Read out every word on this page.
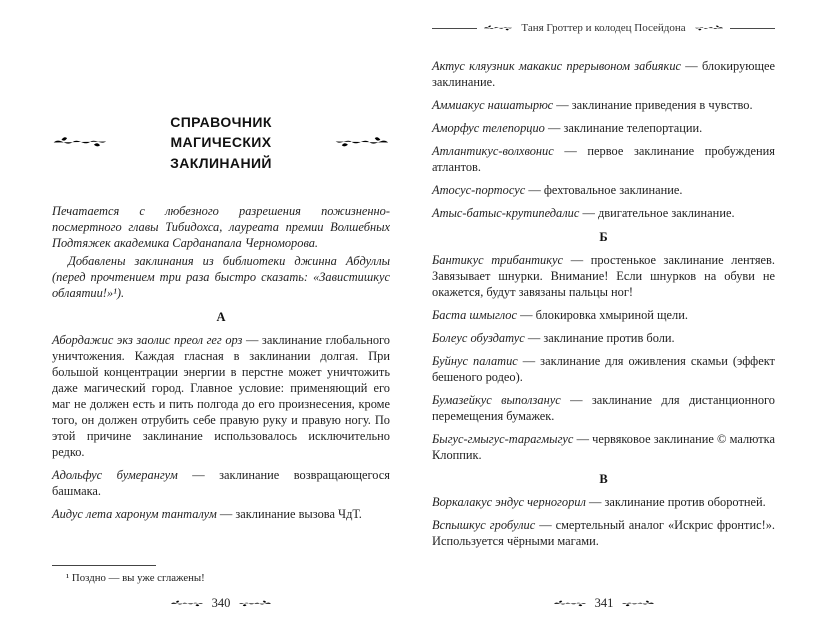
СПРАВОЧНИК
МАГИЧЕСКИХ ЗАКЛИНАНИЙ

Печатается с любезного разрешения пожизненно-посмертного главы Тибидохса, лауреата премии Волшебных Подтяжек академика Сарданапала Черноморова.

Добавлены заклинания из библиотеки джинна Абдуллы (перед прочтением три раза быстро сказать: «Завистишкус облаятии!»¹).

А

Абордажис экз заолис преол гег орз — заклинание глобального уничтожения. Каждая гласная в заклинании долгая. При большой концентрации энергии в перстне может уничтожить даже магический город. Главное условие: применяющий его маг не должен есть и пить полгода до его произнесения, кроме того, он должен отрубить себе правую руку и правую ногу. По этой причине заклинание использовалось исключительно редко.

Адольфус бумерангум — заклинание возвращающегося башмака.

Аидус лета харонум танталум — заклинание вызова ЧдТ.

¹ Поздно — вы уже сглажены!
340
Таня Гроттер и колодец Посейдона

Актус кляузник макакис прерывоном забиякис — блокирующее заклинание.

Аммиакус нашатырюс — заклинание приведения в чувство.

Аморфус телепорцио — заклинание телепортации.

Атлантикус-волхвонис — первое заклинание пробуждения атлантов.

Атосус-портосус — фехтовальное заклинание.

Атыс-батыс-крутипедалис — двигательное заклинание.

Б

Бантикус трибантикус — простенькое заклинание лентяев. Завязывает шнурки. Внимание! Если шнурков на обуви не окажется, будут завязаны пальцы ног!

Баста шмыглос — блокировка хмыриной щели.

Болеус обуздатус — заклинание против боли.

Буйнус палатис — заклинание для оживления скамьи (эффект бешеного родео).

Бумазейкус выползанус — заклинание для дистанционного перемещения бумажек.

Быгус-гмыгус-тарагмыгус — червяковое заклинание © малютка Клоппик.

В

Воркалакус эндус черногорил — заклинание против оборотней.

Вспышкус гробулис — смертельный аналог «Искрис фронтис!». Используется чёрными магами.

341
